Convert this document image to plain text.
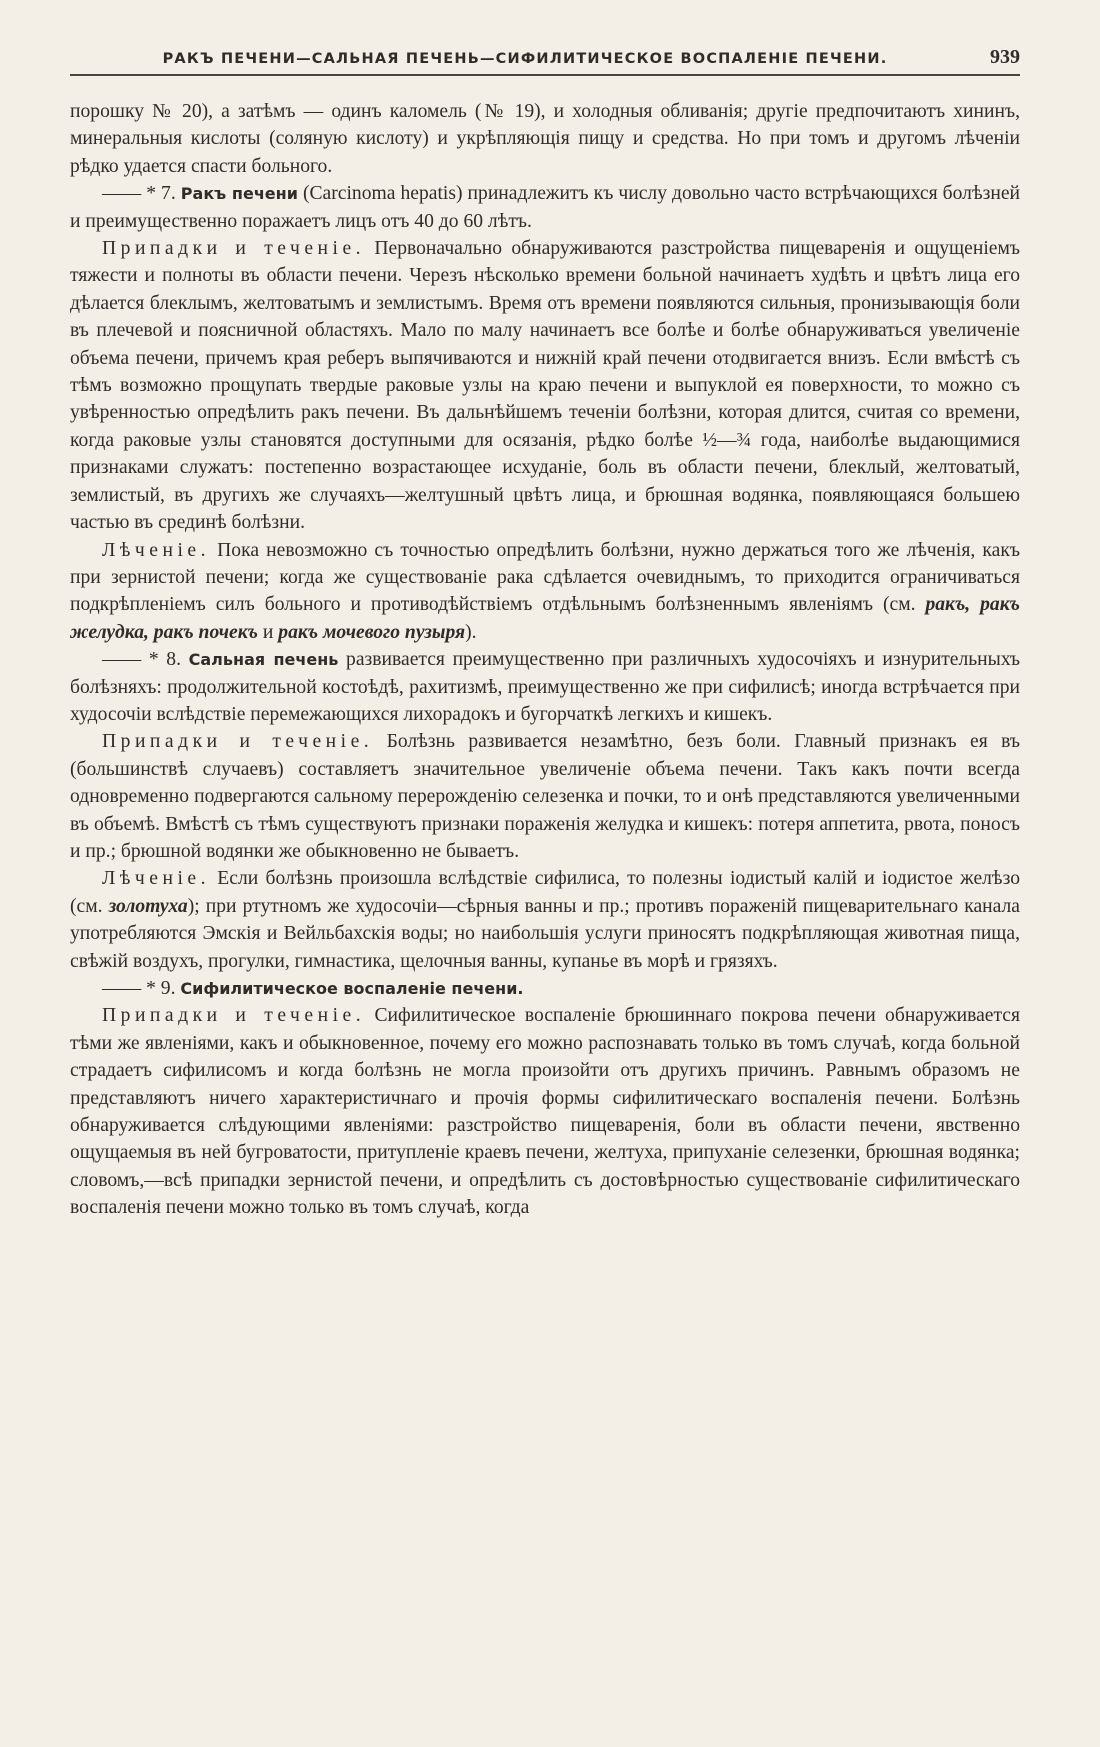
РАКЪ ПЕЧЕНИ—САЛЬНАЯ ПЕЧЕНЬ—СИФИЛИТИЧЕСКОЕ ВОСПАЛЕНІЕ ПЕЧЕНИ.	939

порошку № 20), а затѣмъ — одинъ каломель (№ 19), и холодныя обливанія; другіе предпочитаютъ хининъ, минеральныя кислоты (соляную кислоту) и укрѣпляющія пищу и средства. Но при томъ и другомъ лѣченіи рѣдко удается спасти больного.

—— * 7. Ракъ печени (Carcinoma hepatis) принадлежитъ къ числу довольно часто встрѣчающихся болѣзней и преимущественно поражаетъ лицъ отъ 40 до 60 лѣтъ.

Припадки и теченіе. Первоначально обнаруживаются разстройства пищеваренія и ощущеніемъ тяжести и полноты въ области печени. Черезъ нѣсколько времени больной начинаетъ худѣть и цвѣтъ лица его дѣлается блеклымъ, желтоватымъ и землистымъ. Время отъ времени появляются сильныя, пронизывающія боли въ плечевой и поясничной областяхъ. Мало по малу начинаетъ все болѣе и болѣе обнаруживаться увеличеніе объема печени, причемъ края реберъ выпячиваются и нижній край печени отодвигается внизъ. Если вмѣстѣ съ тѣмъ возможно прощупать твердые раковые узлы на краю печени и выпуклой ея поверхности, то можно съ увѣренностью опредѣлить ракъ печени. Въ дальнѣйшемъ теченіи болѣзни, которая длится, считая со времени, когда раковые узлы становятся доступными для осязанія, рѣдко болѣе ½—¾ года, наиболѣе выдающимися признаками служатъ: постепенно возрастающее исхуданіе, боль въ области печени, блеклый, желтоватый, землистый, въ другихъ же случаяхъ—желтушный цвѣтъ лица, и брюшная водянка, появляющаяся большею частью въ срединѣ болѣзни.

Лѣченіе. Пока невозможно съ точностью опредѣлить болѣзни, нужно держаться того же лѣченія, какъ при зернистой печени; когда же существованіе рака сдѣлается очевиднымъ, то приходится ограничиваться подкрѣпленіемъ силъ больного и противодѣйствіемъ отдѣльнымъ болѣзненнымъ явленіямъ (см. ракъ, ракъ желудка, ракъ почекъ и ракъ мочевого пузыря).

—— * 8. Сальная печень развивается преимущественно при различныхъ худосочіяхъ и изнурительныхъ болѣзняхъ: продолжительной костоѣдѣ, рахитизмѣ, преимущественно же при сифилисѣ; иногда встрѣчается при худосочіи вслѣдствіе перемежающихся лихорадокъ и бугорчаткѣ легкихъ и кишекъ.

Припадки и теченіе. Болѣзнь развивается незамѣтно, безъ боли. Главный признакъ ея въ (большинствѣ случаевъ) составляетъ значительное увеличеніе объема печени. Такъ какъ почти всегда одновременно подвергаются сальному перерожденію селезенка и почки, то и онѣ представляются увеличенными въ объемѣ. Вмѣстѣ съ тѣмъ существуютъ признаки пораженія желудка и кишекъ: потеря аппетита, рвота, поносъ и пр.; брюшной водянки же обыкновенно не бываетъ.

Лѣченіе. Если болѣзнь произошла вслѣдствіе сифилиса, то полезны іодистый калій и іодистое желѣзо (см. золотуха); при ртутномъ же худосочіи—сѣрныя ванны и пр.; противъ пораженій пищеварительнаго канала употребляются Эмскія и Вейльбахскія воды; но наибольшія услуги приносятъ подкрѣпляющая животная пища, свѣжій воздухъ, прогулки, гимнастика, щелочныя ванны, купанье въ морѣ и грязяхъ.

—— * 9. Сифилитическое воспаленіе печени.

Припадки и теченіе. Сифилитическое воспаленіе брюшиннаго покрова печени обнаруживается тѣми же явленіями, какъ и обыкновенное, почему его можно распознавать только въ томъ случаѣ, когда больной страдаетъ сифилисомъ и когда болѣзнь не могла произойти отъ другихъ причинъ. Равнымъ образомъ не представляютъ ничего характеристичнаго и прочія формы сифилитическаго воспаленія печени. Болѣзнь обнаруживается слѣдующими явленіями: разстройство пищеваренія, боли въ области печени, явственно ощущаемыя въ ней бугроватости, притупленіе краевъ печени, желтуха, припуханіе селезенки, брюшная водянка; словомъ,—всѣ припадки зернистой печени, и опредѣлить съ достовѣрностью существованіе сифилитическаго воспаленія печени можно только въ томъ случаѣ, когда
